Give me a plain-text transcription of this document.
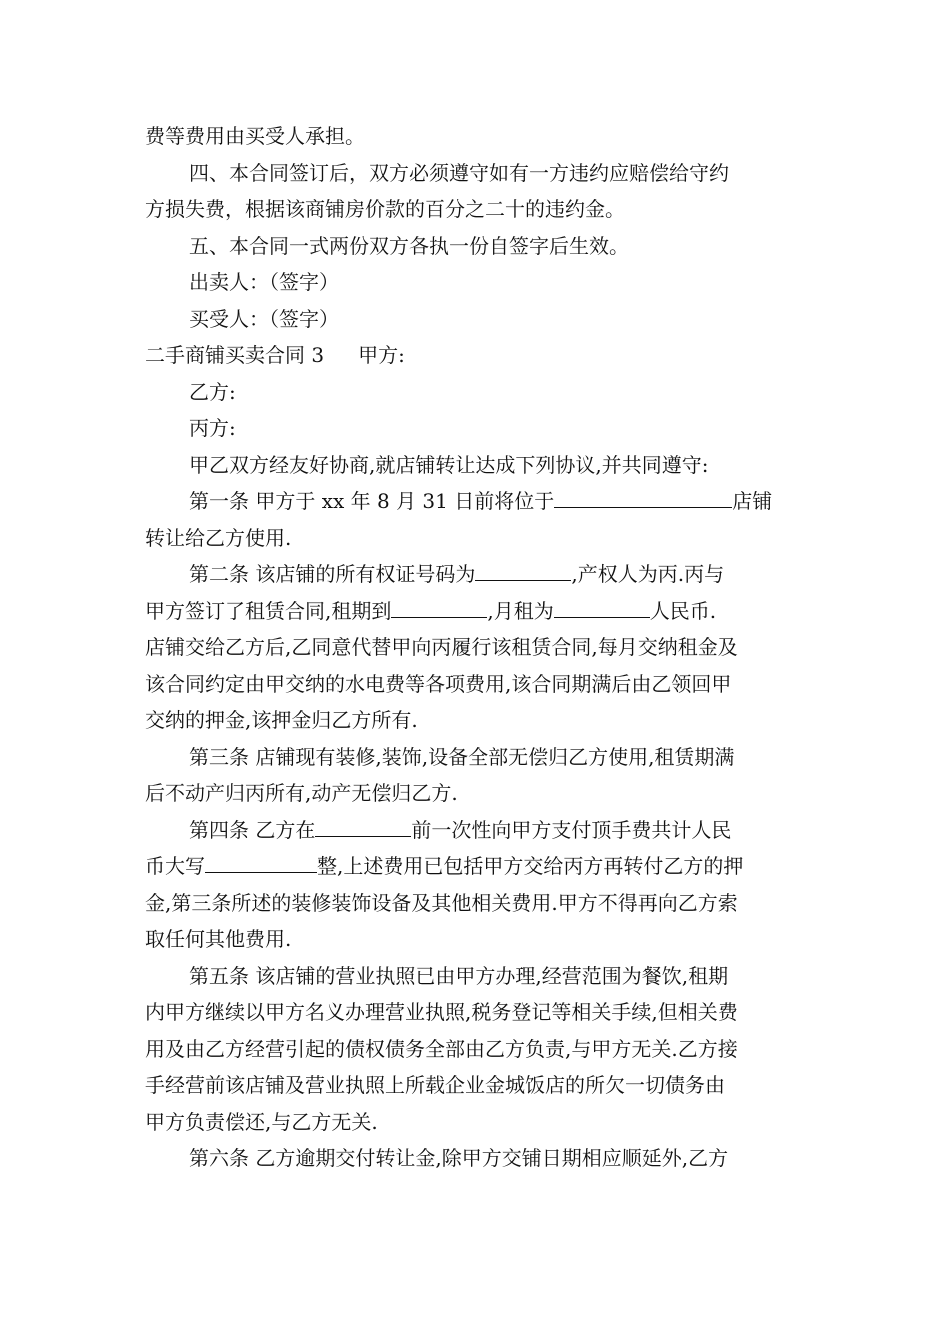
费等费用由买受人承担。

四、本合同签订后，双方必须遵守如有一方违约应赔偿给守约

方损失费，根据该商铺房价款的百分之二十的违约金。

五、本合同一式两份双方各执一份自签字后生效。

出卖人：（签字）

买受人：（签字）

二手商铺买卖合同 3 甲方:

乙方:

丙方:

甲乙双方经友好协商,就店铺转让达成下列协议,并共同遵守:

第一条 甲方于 xx 年 8 月 31 日前将位于	店铺

转让给乙方使用.

第二条 该店铺的所有权证号码为	,产权人为丙.丙与

甲方签订了租赁合同,租期到	,月租为	人民币.

店铺交给乙方后,乙同意代替甲向丙履行该租赁合同,每月交纳租金及

该合同约定由甲交纳的水电费等各项费用,该合同期满后由乙领回甲

交纳的押金,该押金归乙方所有.

第三条 店铺现有装修,装饰,设备全部无偿归乙方使用,租赁期满

后不动产归丙所有,动产无偿归乙方.

第四条 乙方在	前一次性向甲方支付顶手费共计人民

币大写	整,上述费用已包括甲方交给丙方再转付乙方的押

金,第三条所述的装修装饰设备及其他相关费用.甲方不得再向乙方索

取任何其他费用.

第五条 该店铺的营业执照已由甲方办理,经营范围为餐饮,租期

内甲方继续以甲方名义办理营业执照,税务登记等相关手续,但相关费

用及由乙方经营引起的债权债务全部由乙方负责,与甲方无关.乙方接

手经营前该店铺及营业执照上所载企业金城饭店的所欠一切债务由

甲方负责偿还,与乙方无关.

第六条 乙方逾期交付转让金,除甲方交铺日期相应顺延外,乙方
